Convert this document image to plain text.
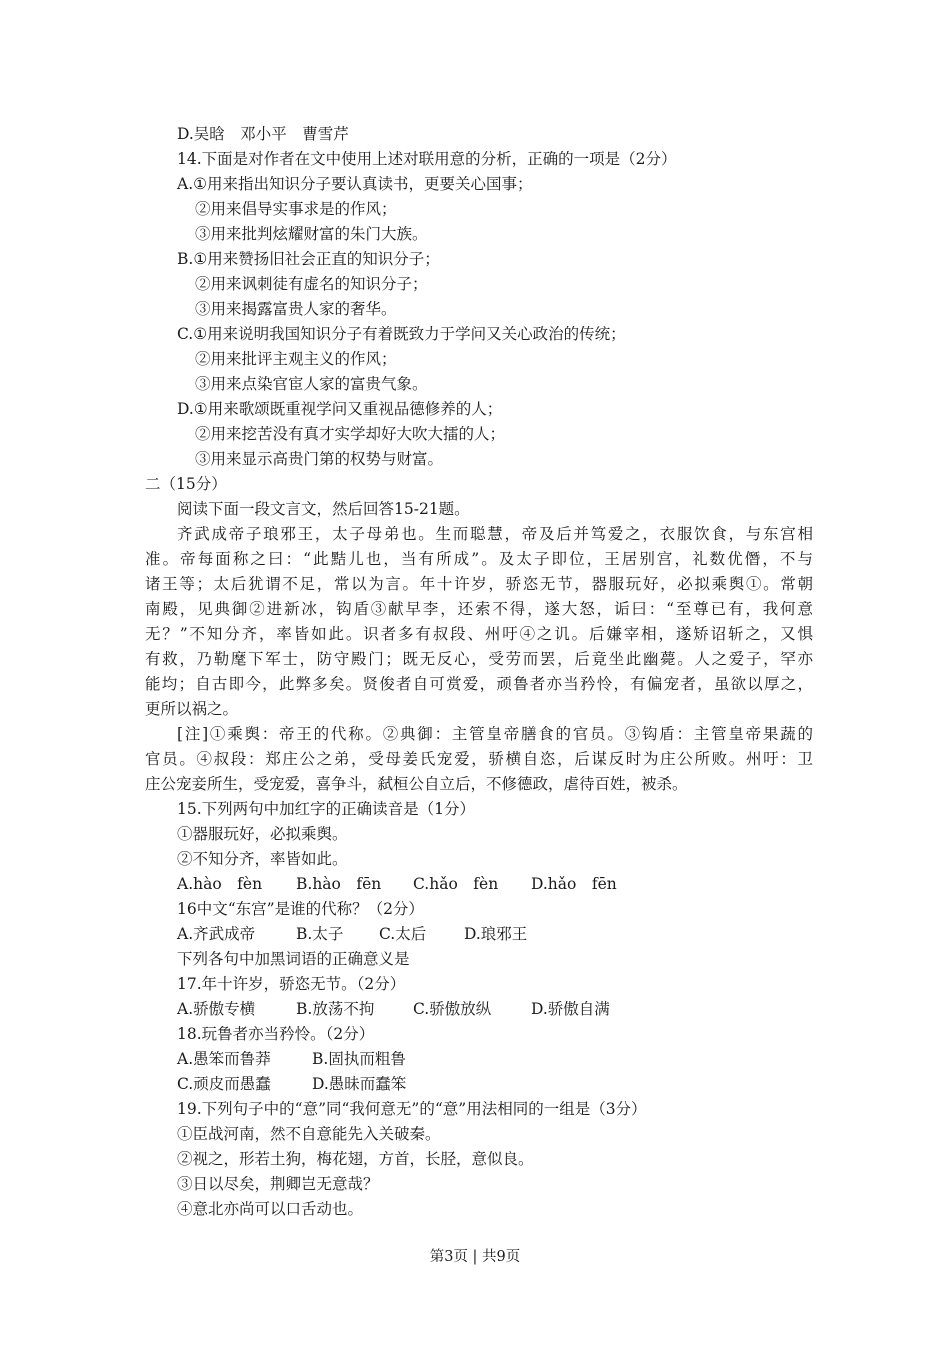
D.吴晗　邓小平　曹雪芹
14.下面是对作者在文中使用上述对联用意的分析，正确的一项是（2分）
A.①用来指出知识分子要认真读书，更要关心国事；
②用来倡导实事求是的作风；
③用来批判炫耀财富的朱门大族。
B.①用来赞扬旧社会正直的知识分子；
②用来讽刺徒有虚名的知识分子；
③用来揭露富贵人家的奢华。
C.①用来说明我国知识分子有着既致力于学问又关心政治的传统；
②用来批评主观主义的作风；
③用来点染官宦人家的富贵气象。
D.①用来歌颂既重视学问又重视品德修养的人；
②用来挖苦没有真才实学却好大吹大擂的人；
③用来显示高贵门第的权势与财富。
二（15分）
阅读下面一段文言文，然后回答15-21题。
齐武成帝子琅邪王，太子母弟也。生而聪慧，帝及后并笃爱之，衣服饮食，与东宫相
准。帝每面称之曰：“此黠儿也，当有所成”。及太子即位，王居别宫，礼数优僭，不与
诸王等；太后犹谓不足，常以为言。年十许岁，骄恣无节，器服玩好，必拟乘舆①。常朝
南殿，见典御②进新冰，钩盾③献早李，还索不得，遂大怒，诟曰：“至尊已有，我何意
无？”不知分齐，率皆如此。识者多有叔段、州吁④之讥。后嫌宰相，遂矫诏斩之，又惧
有救，乃勒麾下军士，防守殿门；既无反心，受劳而罢，后竟坐此幽薨。人之爱子，罕亦
能均；自古即今，此弊多矣。贤俊者自可赏爱，顽鲁者亦当矜怜，有偏宠者，虽欲以厚之，
更所以祸之。
[注]①乘舆：帝王的代称。②典御：主管皇帝膳食的官员。③钩盾：主管皇帝果蔬的
官员。④叔段：郑庄公之弟，受母姜氏宠爱，骄横自恣，后谋反时为庄公所败。州吁：卫
庄公宠妾所生，受宠爱，喜争斗，弑桓公自立后，不修德政，虐待百姓，被杀。
15.下列两句中加红字的正确读音是（1分）
①器服玩好，必拟乘舆。
②不知分齐，率皆如此。
A.hào　fèn B.hào　fēn C.hǎo　fèn D.hǎo　fēn
16中文“东宫”是谁的代称？（2分）
A.齐武成帝	B.太子 C.太后 D.琅邪王
下列各句中加黑词语的正确意义是
17.年十许岁，骄恣无节。（2分）
A.骄傲专横	B.放荡不拘 C.骄傲放纵	D.骄傲自满
18.玩鲁者亦当矜怜。（2分）
A.愚笨而鲁莽	B.固执而粗鲁
C.顽皮而愚蠢	D.愚昧而蠢笨
19.下列句子中的“意”同“我何意无”的“意”用法相同的一组是（3分）
①臣战河南，然不自意能先入关破秦。
②视之，形若土狗，梅花翅，方首，长胫，意似良。
③日以尽矣，荆卿岂无意哉？
④意北亦尚可以口舌动也。
第3页 | 共9页
